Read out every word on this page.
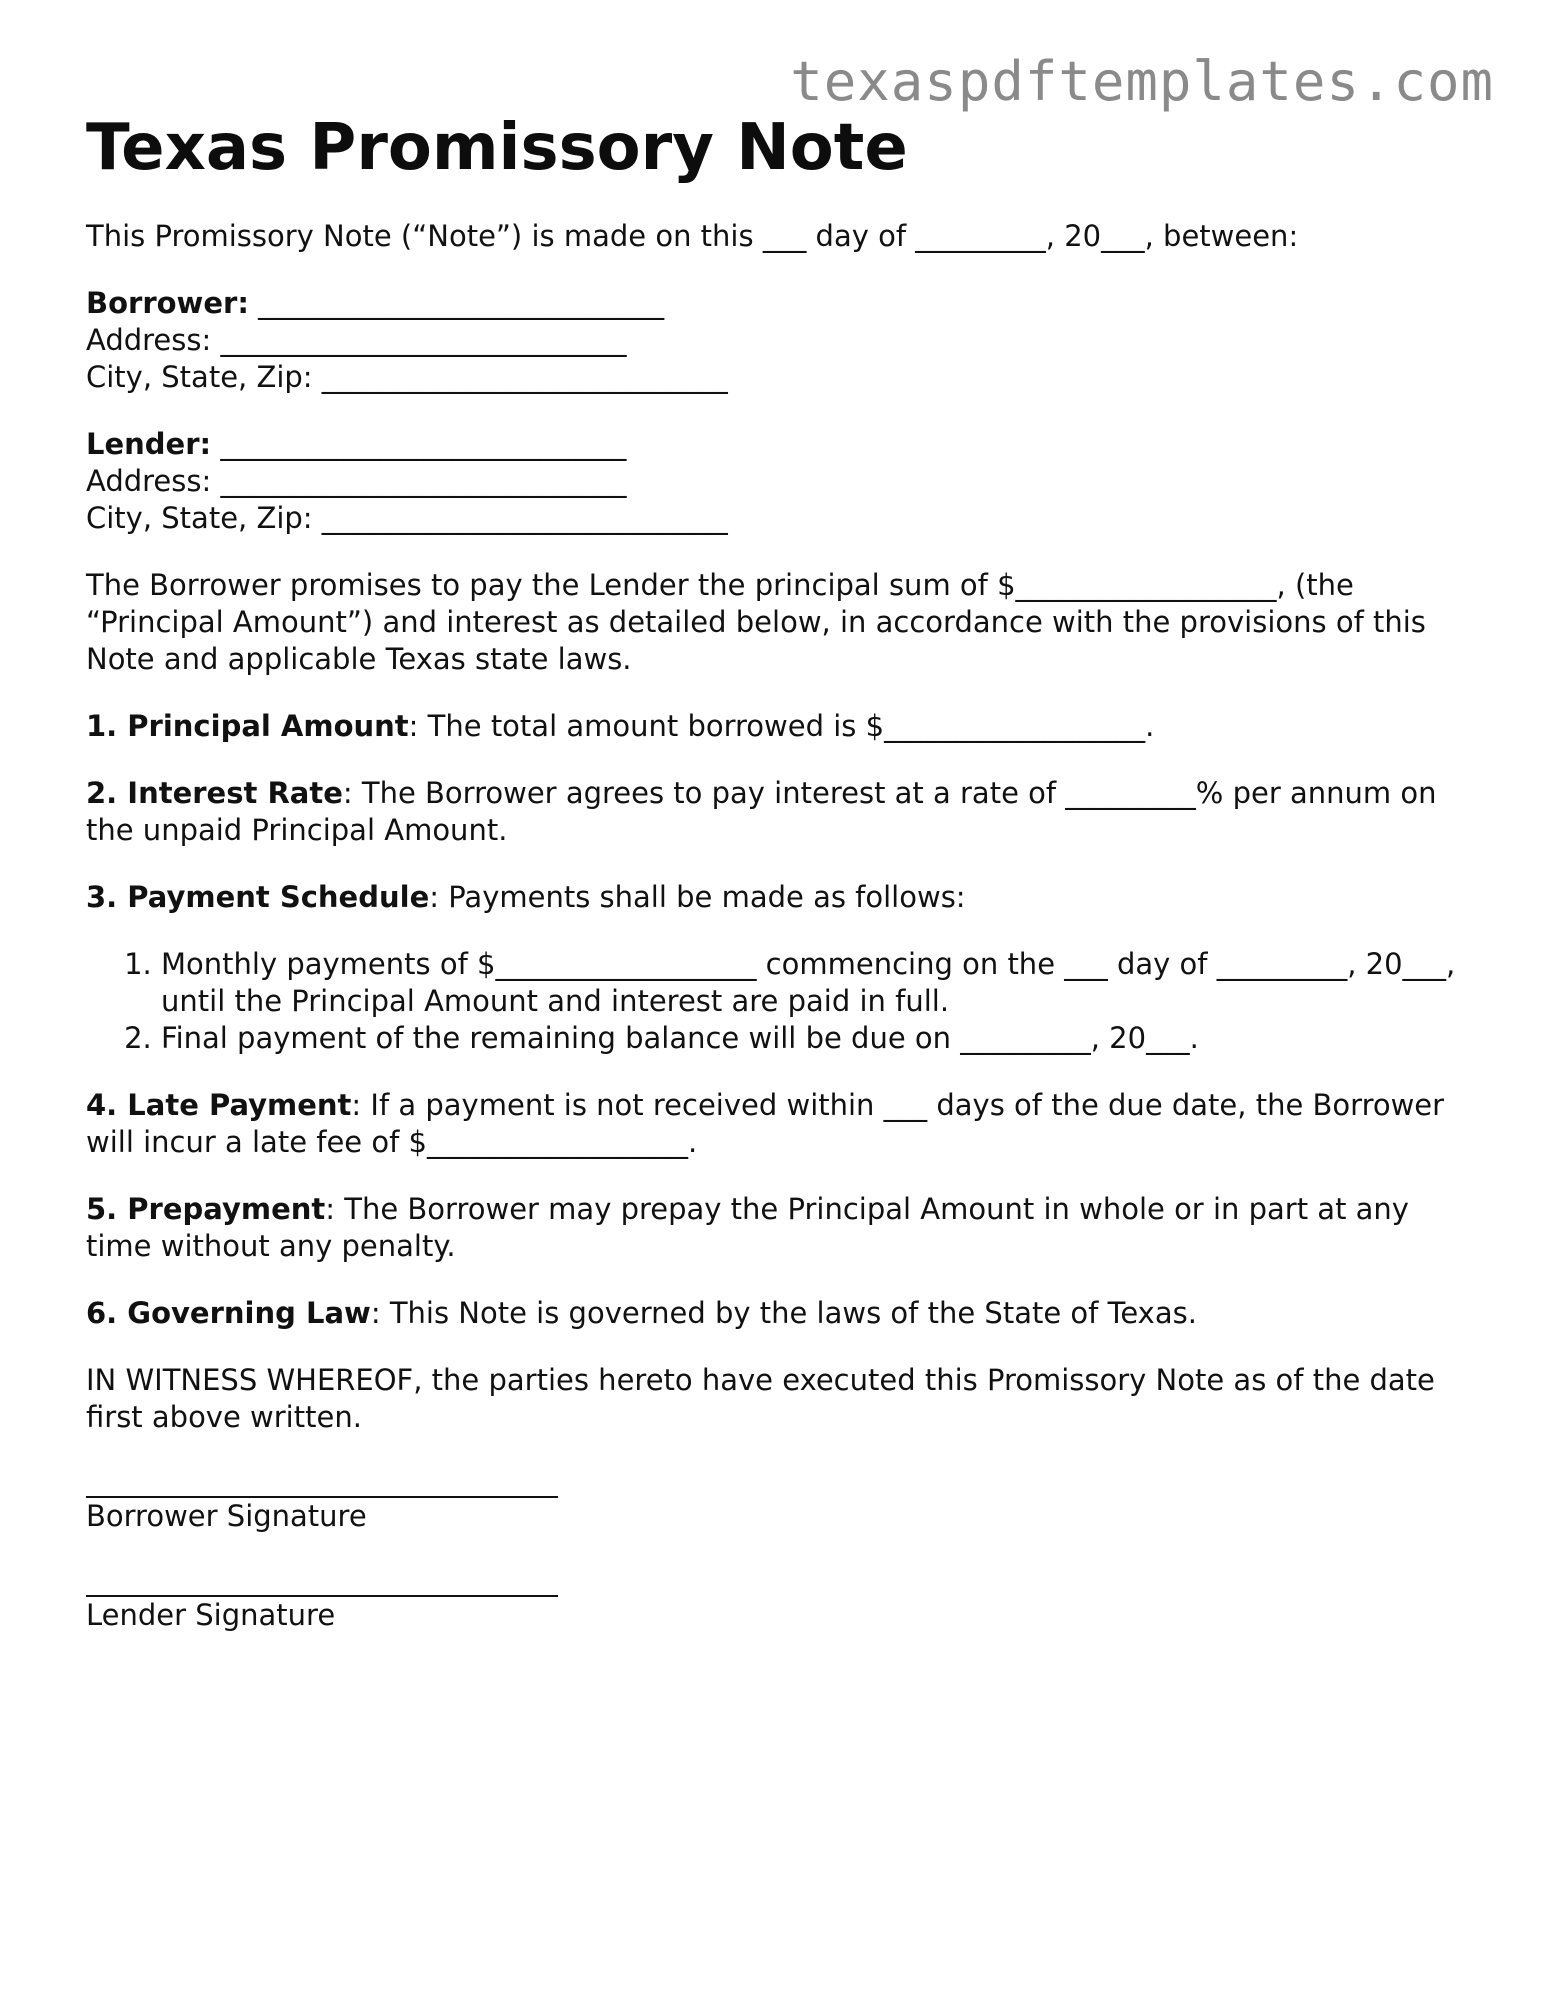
texaspdftemplates.com
Texas Promissory Note

This Promissory Note (“Note”) is made on this ___ day of _________, 20___, between:

Borrower: ____________________________
Address: ____________________________
City, State, Zip: ____________________________
Lender: ____________________________
Address: ____________________________
City, State, Zip: ____________________________

The Borrower promises to pay the Lender the principal sum of $__________________, (the “Principal Amount”) and interest as detailed below, in accordance with the provisions of this Note and applicable Texas state laws.

1. Principal Amount: The total amount borrowed is $__________________.

2. Interest Rate: The Borrower agrees to pay interest at a rate of _________% per annum on the unpaid Principal Amount.

3. Payment Schedule: Payments shall be made as follows:

1. Monthly payments of $__________________ commencing on the ___ day of _________, 20___, until the Principal Amount and interest are paid in full.
2. Final payment of the remaining balance will be due on _________, 20___.

4. Late Payment: If a payment is not received within ___ days of the due date, the Borrower will incur a late fee of $__________________.

5. Prepayment: The Borrower may prepay the Principal Amount in whole or in part at any time without any penalty.

6. Governing Law: This Note is governed by the laws of the State of Texas.

IN WITNESS WHEREOF, the parties hereto have executed this Promissory Note as of the date first above written.

Borrower Signature
Lender Signature
